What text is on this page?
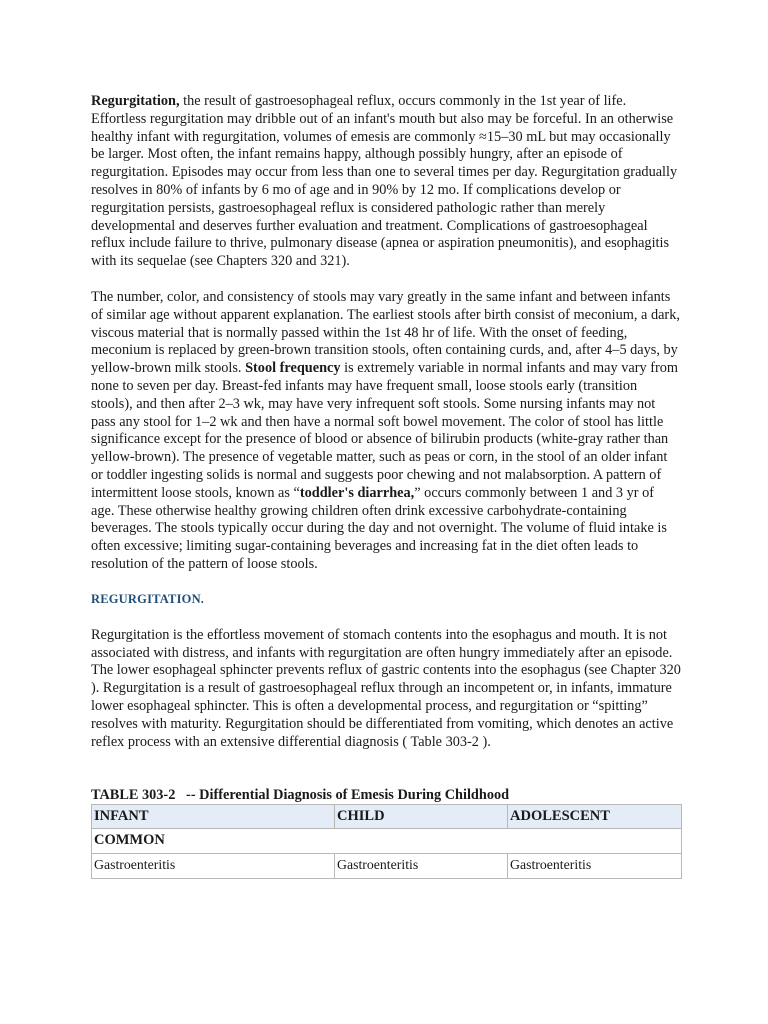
Regurgitation, the result of gastroesophageal reflux, occurs commonly in the 1st year of life. Effortless regurgitation may dribble out of an infant's mouth but also may be forceful. In an otherwise healthy infant with regurgitation, volumes of emesis are commonly ≈15–30 mL but may occasionally be larger. Most often, the infant remains happy, although possibly hungry, after an episode of regurgitation. Episodes may occur from less than one to several times per day. Regurgitation gradually resolves in 80% of infants by 6 mo of age and in 90% by 12 mo. If complications develop or regurgitation persists, gastroesophageal reflux is considered pathologic rather than merely developmental and deserves further evaluation and treatment. Complications of gastroesophageal reflux include failure to thrive, pulmonary disease (apnea or aspiration pneumonitis), and esophagitis with its sequelae (see Chapters 320 and 321).

The number, color, and consistency of stools may vary greatly in the same infant and between infants of similar age without apparent explanation. The earliest stools after birth consist of meconium, a dark, viscous material that is normally passed within the 1st 48 hr of life. With the onset of feeding, meconium is replaced by green-brown transition stools, often containing curds, and, after 4–5 days, by yellow-brown milk stools. Stool frequency is extremely variable in normal infants and may vary from none to seven per day. Breast-fed infants may have frequent small, loose stools early (transition stools), and then after 2–3 wk, may have very infrequent soft stools. Some nursing infants may not pass any stool for 1–2 wk and then have a normal soft bowel movement. The color of stool has little significance except for the presence of blood or absence of bilirubin products (white-gray rather than yellow-brown). The presence of vegetable matter, such as peas or corn, in the stool of an older infant or toddler ingesting solids is normal and suggests poor chewing and not malabsorption. A pattern of intermittent loose stools, known as “toddler's diarrhea,” occurs commonly between 1 and 3 yr of age. These otherwise healthy growing children often drink excessive carbohydrate-containing beverages. The stools typically occur during the day and not overnight. The volume of fluid intake is often excessive; limiting sugar-containing beverages and increasing fat in the diet often leads to resolution of the pattern of loose stools.

REGURGITATION.

Regurgitation is the effortless movement of stomach contents into the esophagus and mouth. It is not associated with distress, and infants with regurgitation are often hungry immediately after an episode. The lower esophageal sphincter prevents reflux of gastric contents into the esophagus (see Chapter 320 ). Regurgitation is a result of gastroesophageal reflux through an incompetent or, in infants, immature lower esophageal sphincter. This is often a developmental process, and regurgitation or “spitting” resolves with maturity. Regurgitation should be differentiated from vomiting, which denotes an active reflex process with an extensive differential diagnosis ( Table 303-2 ).

TABLE 303-2   -- Differential Diagnosis of Emesis During Childhood
INFANT	CHILD	ADOLESCENT
COMMON		
Gastroenteritis	Gastroenteritis	Gastroenteritis
